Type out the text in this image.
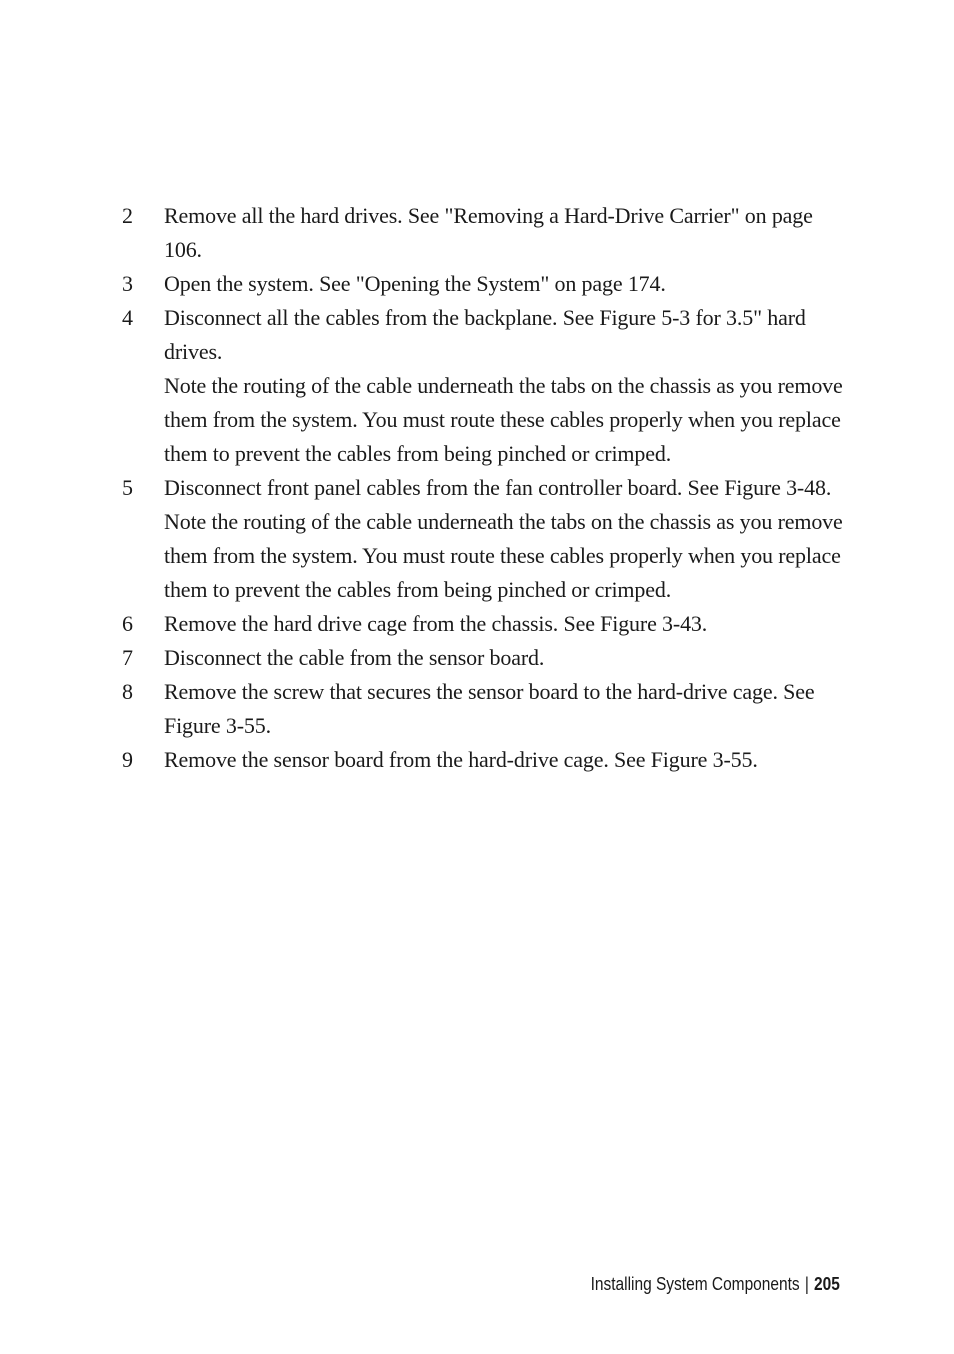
2	Remove all the hard drives. See "Removing a Hard-Drive Carrier" on page 106.
3	Open the system. See "Opening the System" on page 174.
4	Disconnect all the cables from the backplane. See Figure 5-3 for 3.5" hard drives.
Note the routing of the cable underneath the tabs on the chassis as you remove them from the system. You must route these cables properly when you replace them to prevent the cables from being pinched or crimped.
5	Disconnect front panel cables from the fan controller board. See Figure 3-48.
Note the routing of the cable underneath the tabs on the chassis as you remove them from the system. You must route these cables properly when you replace them to prevent the cables from being pinched or crimped.
6	Remove the hard drive cage from the chassis. See Figure 3-43.
7	Disconnect the cable from the sensor board.
8	Remove the screw that secures the sensor board to the hard-drive cage. See Figure 3-55.
9	Remove the sensor board from the hard-drive cage. See Figure 3-55.
Installing System Components | 205
